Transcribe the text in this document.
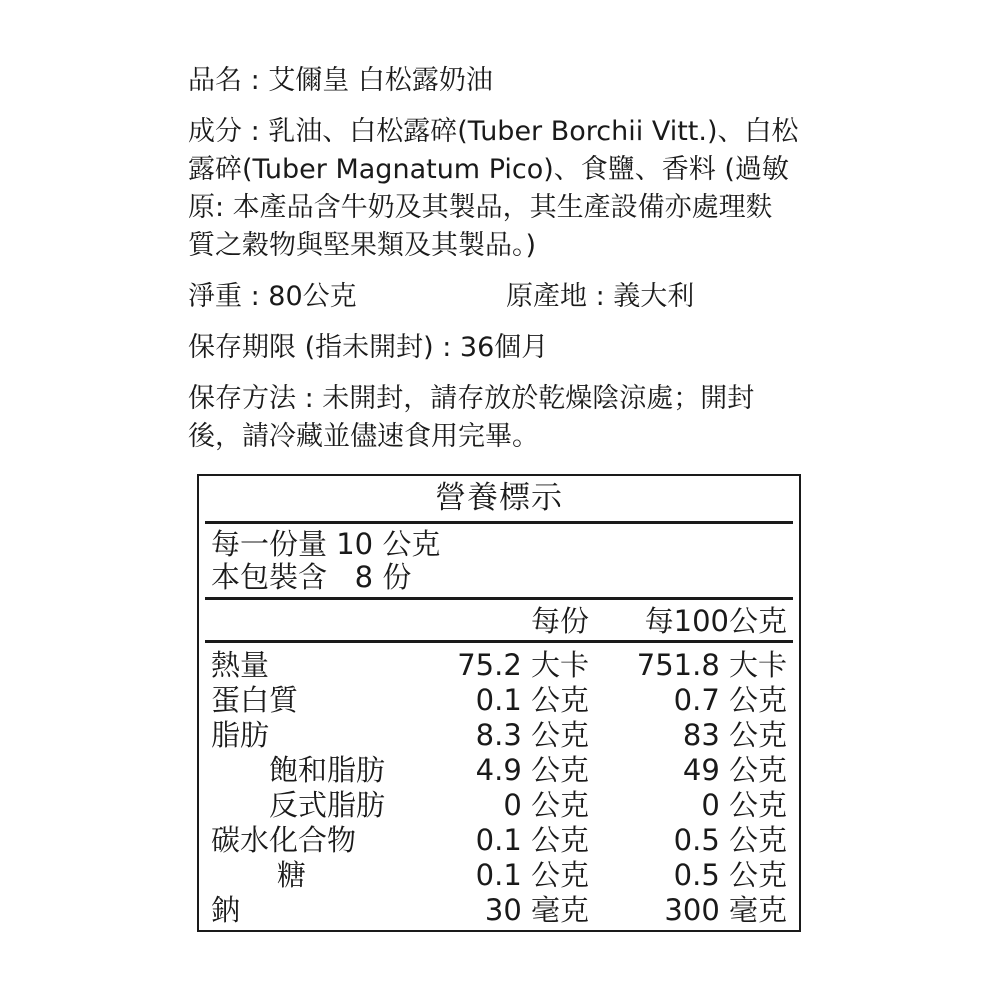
品名 : 艾儞皇 白松露奶油
成分 : 乳油、白松露碎(Tuber Borchii Vitt.)、白松
露碎(Tuber Magnatum Pico)、食鹽、香料 (過敏
原: 本產品含牛奶及其製品，其生產設備亦處理麩
質之穀物與堅果類及其製品。)
淨重 : 80公克	原產地 : 義大利
保存期限 (指未開封) : 36個月
保存方法 : 未開封，請存放於乾燥陰涼處；開封
後，請冷藏並儘速食用完畢。
營養標示
每一份量 10 公克
本包裝含   8 份
每份 每100公克
熱量	75.2 大卡 751.8 大卡
蛋白質	0.1 公克	0.7 公克
脂肪	8.3 公克	83 公克
飽和脂肪	4.9 公克	49 公克
反式脂肪	0 公克	0 公克
碳水化合物	0.1 公克	0.5 公克
糖	0.1 公克	0.5 公克
鈉	30 毫克	300 毫克
